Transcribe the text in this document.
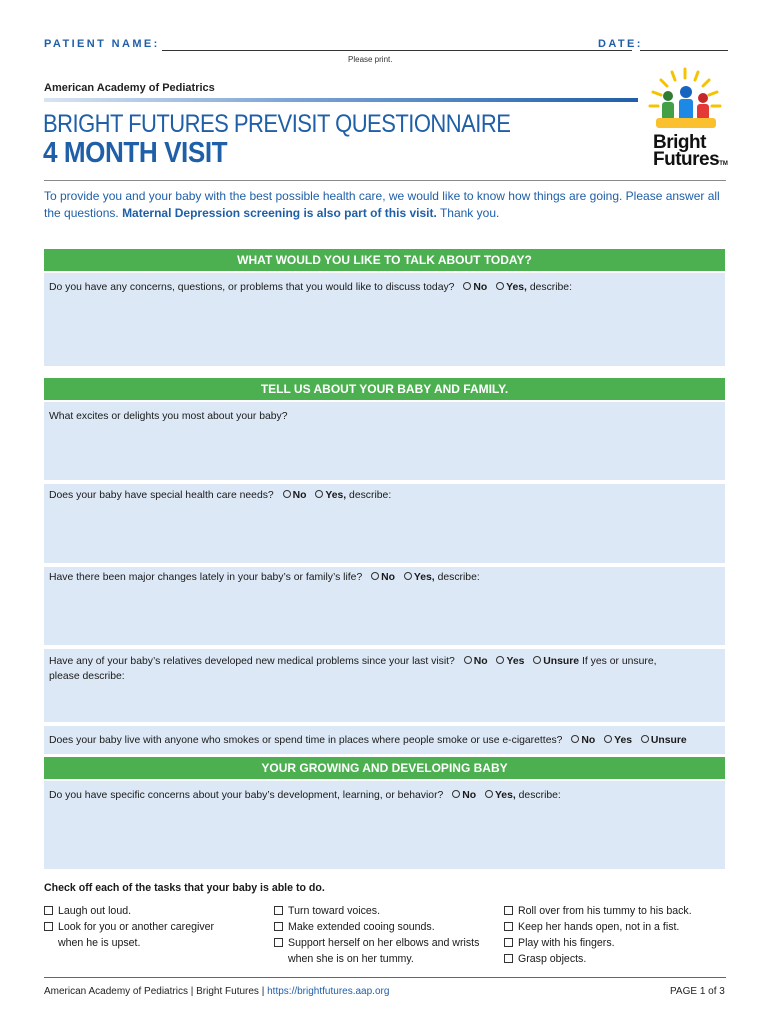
PATIENT NAME:	DATE:
Please print.
American Academy of Pediatrics
Bright
FuturesTM
BRIGHT FUTURES PREVISIT QUESTIONNAIRE
4 MONTH VISIT
To provide you and your baby with the best possible health care, we would like to know how things are going. Please answer all the questions. Maternal Depression screening is also part of this visit. Thank you.
WHAT WOULD YOU LIKE TO TALK ABOUT TODAY?
Do you have any concerns, questions, or problems that you would like to discuss today? No Yes, describe:
TELL US ABOUT YOUR BABY AND FAMILY.
What excites or delights you most about your baby?
Does your baby have special health care needs? No Yes, describe:
Have there been major changes lately in your baby’s or family’s life? No Yes, describe:
Have any of your baby’s relatives developed new medical problems since your last visit? No Yes Unsure If yes or unsure,
please describe:
Does your baby live with anyone who smokes or spend time in places where people smoke or use e-cigarettes? No Yes Unsure
YOUR GROWING AND DEVELOPING BABY
Do you have specific concerns about your baby’s development, learning, or behavior? No Yes, describe:
Check off each of the tasks that your baby is able to do.
Laugh out loud.
Look for you or another caregiver
when he is upset.
Turn toward voices.
Make extended cooing sounds.
Support herself on her elbows and wrists
when she is on her tummy.
Roll over from his tummy to his back.
Keep her hands open, not in a fist.
Play with his fingers.
Grasp objects.
American Academy of Pediatrics | Bright Futures | https://brightfutures.aap.org	PAGE 1 of 3
